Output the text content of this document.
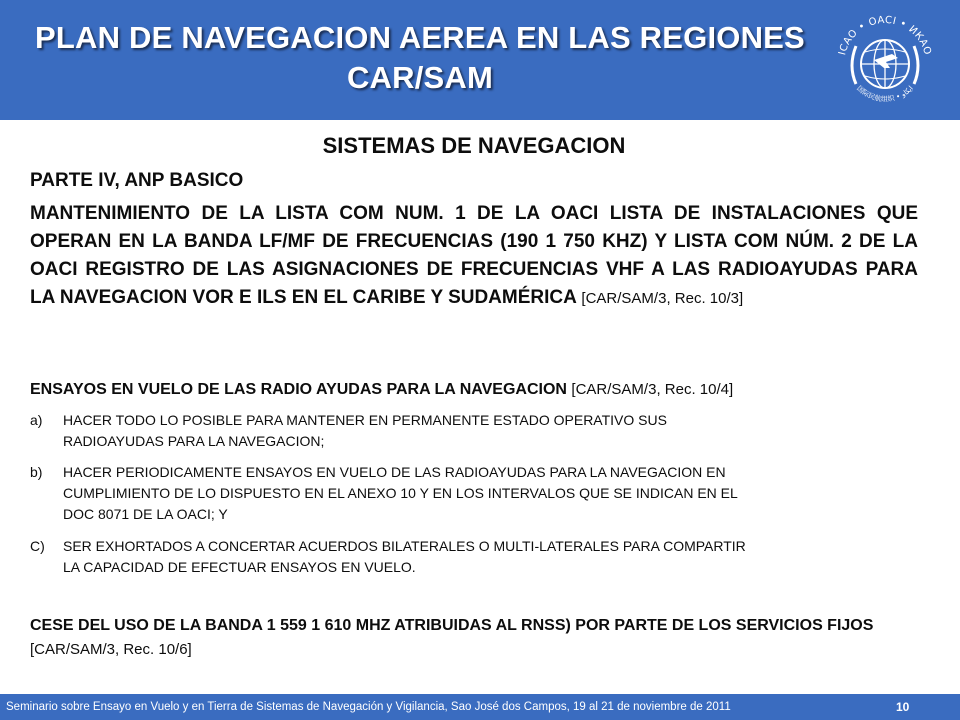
PLAN DE NAVEGACION AEREA EN LAS REGIONES
CAR/SAM
ICAO • OACI • ИКАО
国际民航组织 • ايكاو
SISTEMAS DE NAVEGACION
PARTE IV, ANP BASICO
MANTENIMIENTO DE LA LISTA COM NUM. 1 DE LA OACI LISTA DE INSTALACIONES QUE OPERAN EN LA BANDA LF/MF DE FRECUENCIAS (190 1 750 KHZ) Y LISTA COM NÚM. 2 DE LA OACI REGISTRO DE LAS ASIGNACIONES DE FRECUENCIAS VHF A LAS RADIOAYUDAS PARA LA NAVEGACION VOR E ILS EN EL CARIBE Y SUDAMÉRICA [CAR/SAM/3, Rec. 10/3]
ENSAYOS EN VUELO DE LAS RADIO AYUDAS PARA LA NAVEGACION [CAR/SAM/3, Rec. 10/4]
a) HACER TODO LO POSIBLE PARA MANTENER EN PERMANENTE ESTADO OPERATIVO SUS
RADIOAYUDAS PARA LA NAVEGACION;
b) HACER PERIODICAMENTE ENSAYOS EN VUELO DE LAS RADIOAYUDAS PARA LA NAVEGACION EN
CUMPLIMIENTO DE LO DISPUESTO EN EL ANEXO 10 Y EN LOS INTERVALOS QUE SE INDICAN EN EL
DOC 8071 DE LA OACI; Y
C) SER EXHORTADOS A CONCERTAR ACUERDOS BILATERALES O MULTI-LATERALES PARA COMPARTIR
LA CAPACIDAD DE EFECTUAR ENSAYOS EN VUELO.
CESE DEL USO DE LA BANDA 1 559 1 610 MHZ ATRIBUIDAS AL RNSS) POR PARTE DE LOS SERVICIOS FIJOS [CAR/SAM/3, Rec. 10/6]
Seminario sobre Ensayo en Vuelo y en Tierra de Sistemas de Navegación y Vigilancia, Sao José dos Campos, 19 al 21 de noviembre de 2011	10
